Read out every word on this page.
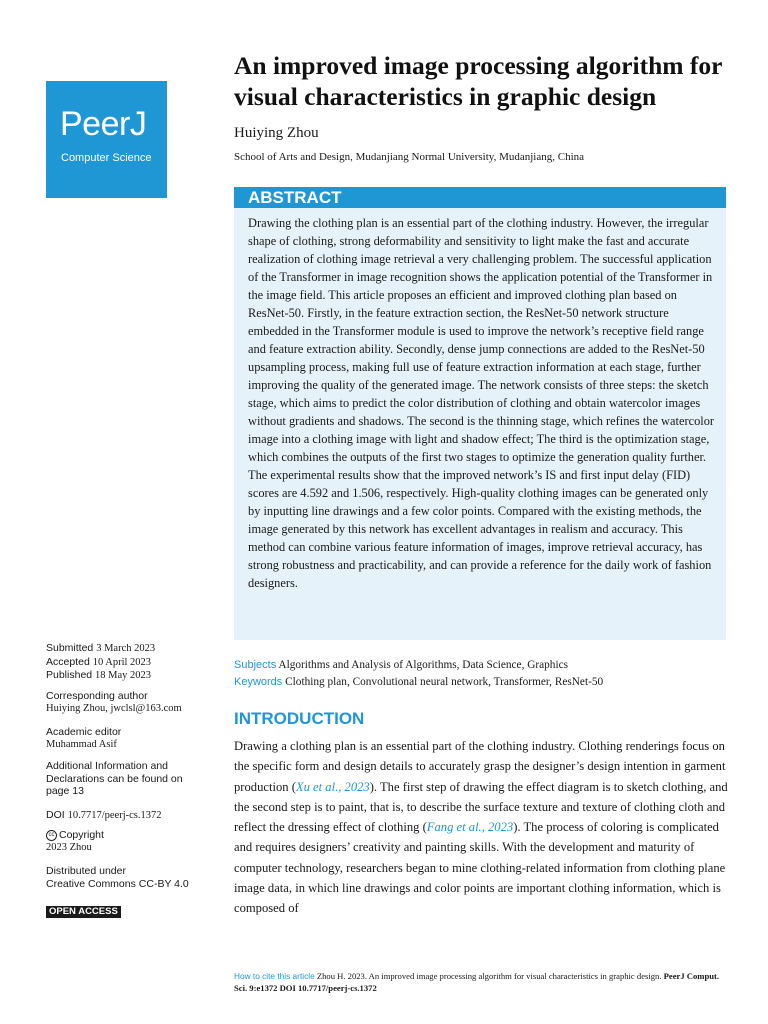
PeerJ
Computer Science
An improved image processing algorithm for visual characteristics in graphic design
Huiying Zhou
School of Arts and Design, Mudanjiang Normal University, Mudanjiang, China
ABSTRACT

Drawing the clothing plan is an essential part of the clothing industry. However, the irregular shape of clothing, strong deformability and sensitivity to light make the fast and accurate realization of clothing image retrieval a very challenging problem. The successful application of the Transformer in image recognition shows the application potential of the Transformer in the image field. This article proposes an efficient and improved clothing plan based on ResNet-50. Firstly, in the feature extraction section, the ResNet-50 network structure embedded in the Transformer module is used to improve the network’s receptive field range and feature extraction ability. Secondly, dense jump connections are added to the ResNet-50 upsampling process, making full use of feature extraction information at each stage, further improving the quality of the generated image. The network consists of three steps: the sketch stage, which aims to predict the color distribution of clothing and obtain watercolor images without gradients and shadows. The second is the thinning stage, which refines the watercolor image into a clothing image with light and shadow effect; The third is the optimization stage, which combines the outputs of the first two stages to optimize the generation quality further. The experimental results show that the improved network’s IS and first input delay (FID) scores are 4.592 and 1.506, respectively. High-quality clothing images can be generated only by inputting line drawings and a few color points. Compared with the existing methods, the image generated by this network has excellent advantages in realism and accuracy. This method can combine various feature information of images, improve retrieval accuracy, has strong robustness and practicability, and can provide a reference for the daily work of fashion designers.

Subjects Algorithms and Analysis of Algorithms, Data Science, Graphics
Keywords Clothing plan, Convolutional neural network, Transformer, ResNet-50
INTRODUCTION

Drawing a clothing plan is an essential part of the clothing industry. Clothing renderings focus on the specific form and design details to accurately grasp the designer’s design intention in garment production (Xu et al., 2023). The first step of drawing the effect diagram is to sketch clothing, and the second step is to paint, that is, to describe the surface texture and texture of clothing cloth and reflect the dressing effect of clothing (Fang et al., 2023). The process of coloring is complicated and requires designers’ creativity and painting skills. With the development and maturity of computer technology, researchers began to mine clothing-related information from clothing plane image data, in which line drawings and color points are important clothing information, which is composed of

Submitted 3 March 2023
Accepted 10 April 2023
Published 18 May 2023
Corresponding author
Huiying Zhou, jwclsl@163.com
Academic editor
Muhammad Asif
Additional Information and Declarations can be found on page 13
DOI 10.7717/peerj-cs.1372
cc Copyright
2023 Zhou
Distributed under
Creative Commons CC-BY 4.0
OPEN ACCESS
How to cite this article Zhou H. 2023. An improved image processing algorithm for visual characteristics in graphic design. PeerJ Comput. Sci. 9:e1372 DOI 10.7717/peerj-cs.1372
